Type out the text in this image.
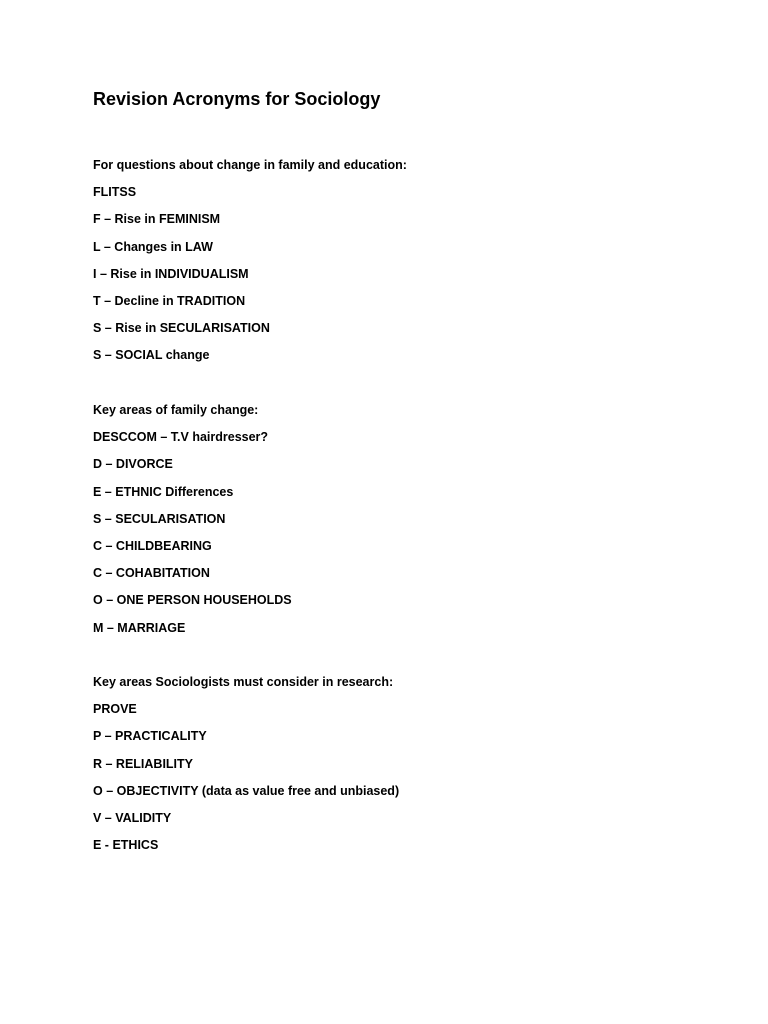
Revision Acronyms for Sociology
For questions about change in family and education:
FLITSS
F – Rise in FEMINISM
L – Changes in LAW
I – Rise in INDIVIDUALISM
T – Decline in TRADITION
S – Rise in SECULARISATION
S – SOCIAL change
Key areas of family change:
DESCCOM – T.V hairdresser?
D – DIVORCE
E – ETHNIC Differences
S – SECULARISATION
C – CHILDBEARING
C – COHABITATION
O – ONE PERSON HOUSEHOLDS
M – MARRIAGE
Key areas Sociologists must consider in research:
PROVE
P – PRACTICALITY
R – RELIABILITY
O – OBJECTIVITY (data as value free and unbiased)
V – VALIDITY
E - ETHICS
